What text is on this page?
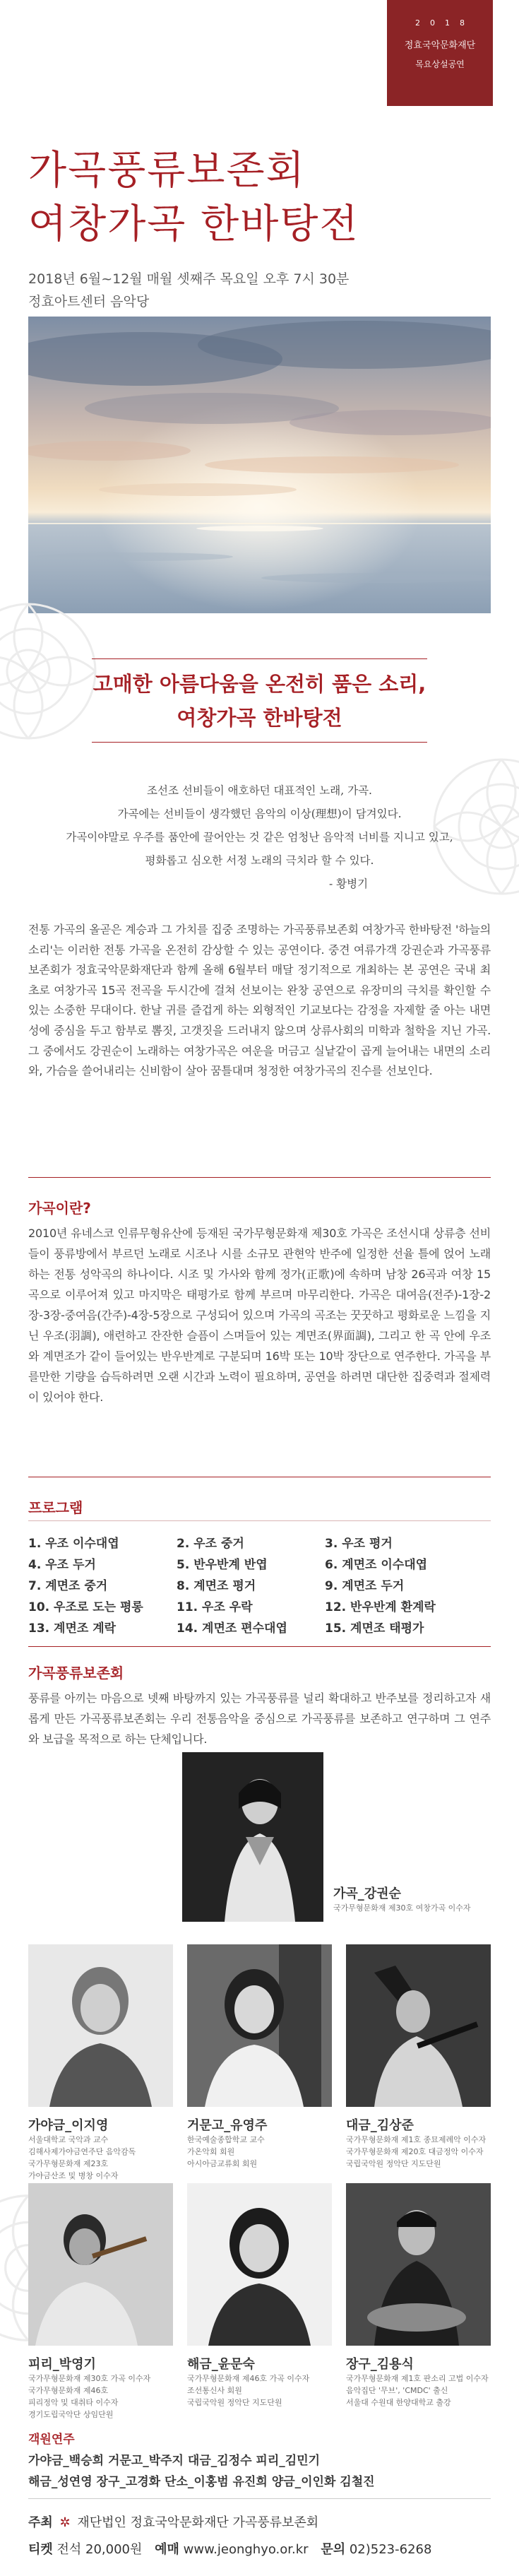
2018
정효국악문화재단
목요상설공연
가곡풍류보존회
여창가곡 한바탕전
2018년 6월~12월 매월 셋째주 목요일 오후 7시 30분
정효아트센터 음악당
고매한 아름다움을 온전히 품은 소리,
여창가곡 한바탕전
조선조 선비들이 애호하던 대표적인 노래, 가곡.
가곡에는 선비들이 생각했던 음악의 이상(理想)이 담겨있다.
가곡이야말로 우주를 품안에 끌어안는 것 같은 엄청난 음악적 너비를 지니고 있고,
평화롭고 심오한 서정 노래의 극치라 할 수 있다.
- 황병기
전통 가곡의 올곧은 계승과 그 가치를 집중 조명하는 가곡풍류보존회 여창가곡 한바탕전 '하늘의 소리'는 이러한 전통 가곡을 온전히 감상할 수 있는 공연이다. 중견 여류가객 강권순과 가곡풍류보존회가 정효국악문화재단과 함께 올해 6월부터 매달 정기적으로 개최하는 본 공연은 국내 최초로 여창가곡 15곡 전곡을 두시간에 걸쳐 선보이는 완창 공연으로 유장미의 극치를 확인할 수 있는 소중한 무대이다. 한날 귀를 즐겁게 하는 외형적인 기교보다는 감정을 자제할 줄 아는 내면성에 중심을 두고 함부로 뽐짓, 고갯짓을 드러내지 않으며 상류사회의 미학과 철학을 지닌 가곡. 그 중에서도 강권순이 노래하는 여창가곡은 여운을 머금고 실낱같이 곱게 늘어내는 내면의 소리와, 가슴을 쓸어내리는 신비함이 살아 꿈틀대며 청정한 여창가곡의 진수를 선보인다.
가곡이란?
2010년 유네스코 인류무형유산에 등재된 국가무형문화재 제30호 가곡은 조선시대 상류층 선비들이 풍류방에서 부르던 노래로 시조나 시를 소규모 관현악 반주에 일정한 선율 틀에 얹어 노래하는 전통 성악곡의 하나이다. 시조 및 가사와 함께 정가(正歌)에 속하며 남창 26곡과 여창 15곡으로 이루어져 있고 마지막은 태평가로 함께 부르며 마무리한다. 가곡은 대여음(전주)-1장-2장-3장-중여음(간주)-4장-5장으로 구성되어 있으며 가곡의 곡조는 꿋꿋하고 평화로운 느낌을 지닌 우조(羽調), 애련하고 잔잔한 슬픔이 스며들어 있는 계면조(界面調), 그리고 한 곡 안에 우조와 계면조가 같이 들어있는 반우반계로 구분되며 16박 또는 10박 장단으로 연주한다. 가곡을 부를만한 기량을 습득하려면 오랜 시간과 노력이 필요하며, 공연을 하려면 대단한 집중력과 절제력이 있어야 한다.
프로그램
1. 우조 이수대엽	2. 우조 중거	3. 우조 평거
4. 우조 두거	5. 반우반계 반엽	6. 계면조 이수대엽
7. 계면조 중거	8. 계면조 평거	9. 계면조 두거
10. 우조로 도는 평롱	11. 우조 우락	12. 반우반계 환계락
13. 계면조 계락	14. 계면조 편수대엽	15. 계면조 태평가
가곡풍류보존회
풍류를 아끼는 마음으로 넷째 바탕까지 있는 가곡풍류를 널리 확대하고 반주보를 정리하고자 새롭게 만든 가곡풍류보존회는 우리 전통음악을 중심으로 가곡풍류를 보존하고 연구하며 그 연주와 보급을 목적으로 하는 단체입니다.
가곡_강권순
국가무형문화재 제30호 여창가곡 이수자
가야금_이지영
서울대학교 국악과 교수
김해사제가야금연주단 음악감독
국가무형문화재 제23호
가야금산조 및 병창 이수자
거문고_유영주
한국예술종합학교 교수
가온악회 회원
아시아금교류회 회원
대금_김상준
국가무형문화재 제1호 종묘제례악 이수자
국가무형문화재 제20호 대금정악 이수자
국립국악원 정악단 지도단원
피리_박영기
국가무형문화재 제30호 가곡 이수자
국가무형문화재 제46호
피리정악 및 대취타 이수자
경기도립국악단 상임단원
해금_윤문숙
국가무형문화재 제46호 가곡 이수자
조선통신사 회원
국립국악원 정악단 지도단원
장구_김용식
국가무형문화재 제1호 판소리 고법 이수자
음악집단 '무브', 'CMDC' 출신
서울대 수원대 한양대학교 출강
객원연주
가야금_백승희 거문고_박주지 대금_김정수 피리_김민기
해금_성연영 장구_고경화 단소_이홍범 유진희 양금_이인화 김철진
주최 ✲ 재단법인 정효국악문화재단 가곡풍류보존회
티켓 전석 20,000원 예매 www.jeonghyo.or.kr 문의 02)523-6268
